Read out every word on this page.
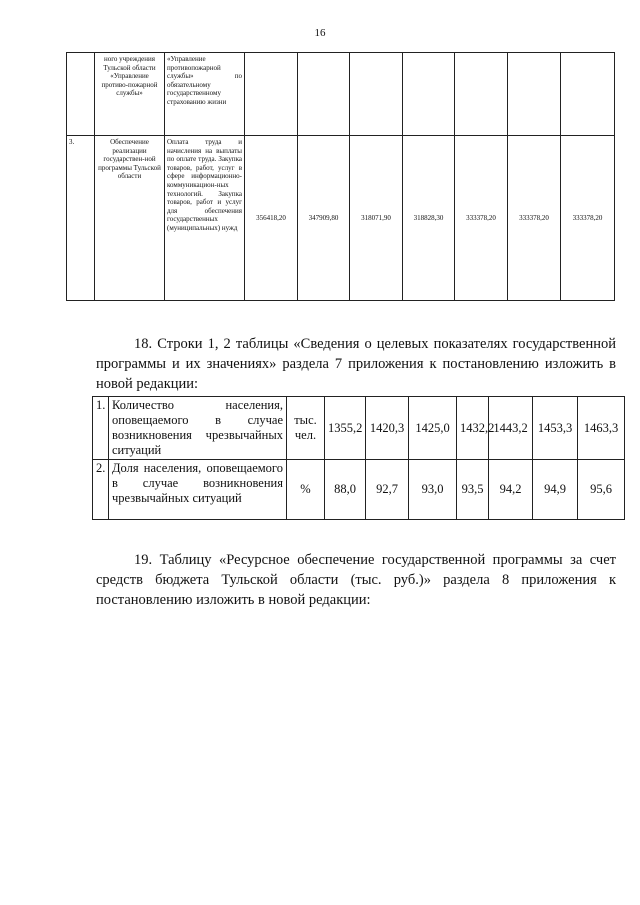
16
	ного учреждения Тульской области «Управление противо-пожарной службы»	«Управление противопожарной службы» по обязательному государственному страхованию жизни							
3.	Обеспечение реализации государствен-ной программы Тульской области	Оплата труда и начисления на выплаты по оплате труда. Закупка товаров, работ, услуг в сфере информационно-коммуникацион-ных технологий. Закупка товаров, работ и услуг для обеспечения государственных (муниципальных) нужд	356418,20	347909,80	318071,90	318828,30	333378,20	333378,20	333378,20

18. Строки 1, 2 таблицы «Сведения о целевых показателях государственной программы и их значениях» раздела 7 приложения к постановлению изложить в новой редакции:

1.	Количество населения, оповещаемого в случае возникновения чрезвычайных ситуаций	тыс. чел.	1355,2	1420,3	1425,0	1432,2	1443,2	1453,3	1463,3
2.	Доля населения, оповещаемого в случае возникновения чрезвычайных ситуаций	%	88,0	92,7	93,0	93,5	94,2	94,9	95,6

19. Таблицу «Ресурсное обеспечение государственной программы за счет средств бюджета Тульской области (тыс. руб.)» раздела 8 приложения к постановлению изложить в новой редакции:
